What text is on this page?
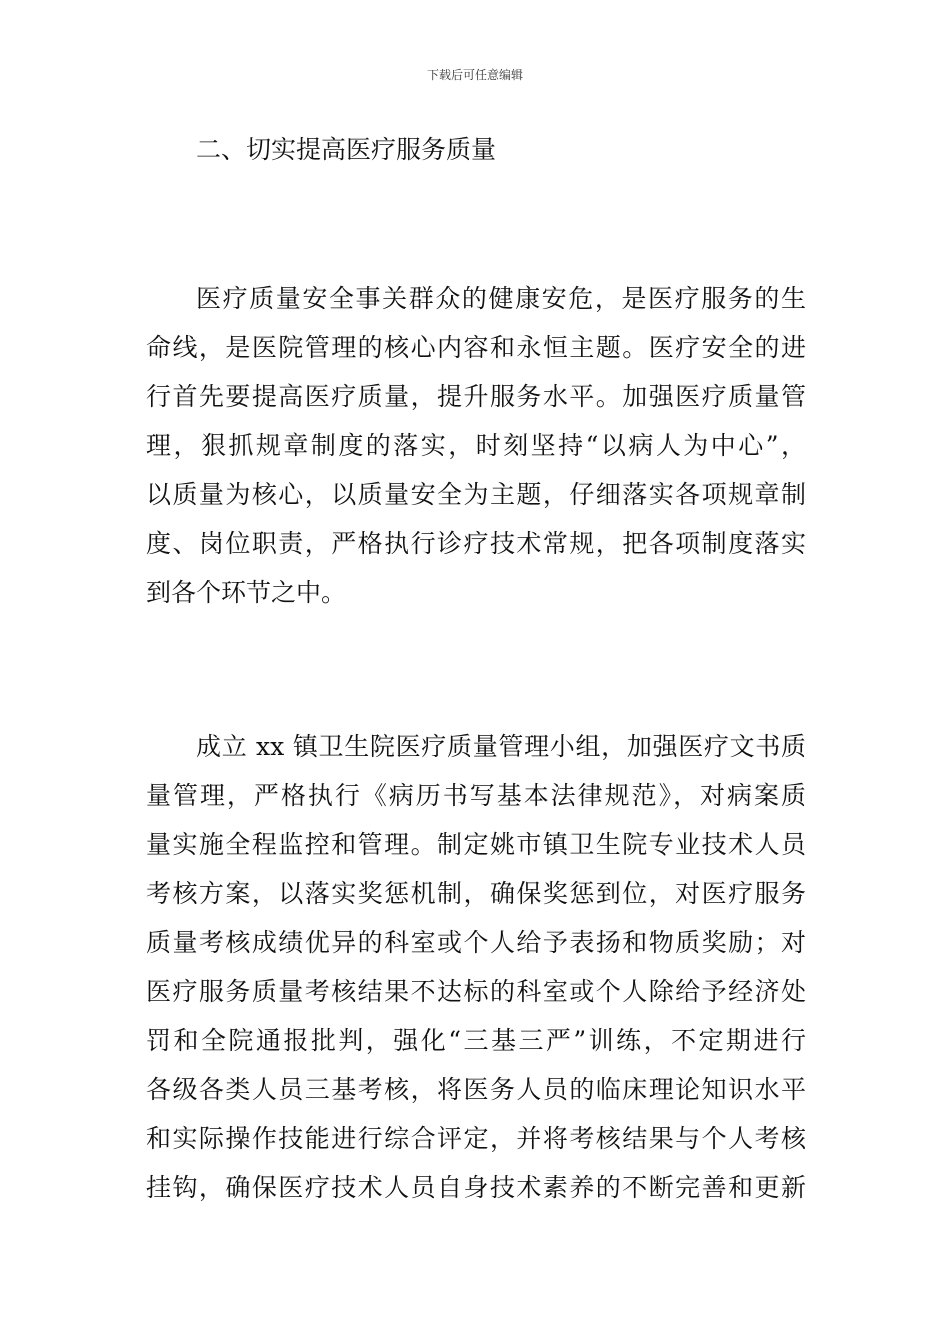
下载后可任意编辑
二、切实提高医疗服务质量
医疗质量安全事关群众的健康安危，是医疗服务的生
命线，是医院管理的核心内容和永恒主题。医疗安全的进
行首先要提高医疗质量，提升服务水平。加强医疗质量管
理，狠抓规章制度的落实，时刻坚持“以病人为中心”，
以质量为核心，以质量安全为主题，仔细落实各项规章制
度、岗位职责，严格执行诊疗技术常规，把各项制度落实
到各个环节之中。
成立 xx 镇卫生院医疗质量管理小组，加强医疗文书质
量管理，严格执行《病历书写基本法律规范》，对病案质
量实施全程监控和管理。制定姚市镇卫生院专业技术人员
考核方案，以落实奖惩机制，确保奖惩到位，对医疗服务
质量考核成绩优异的科室或个人给予表扬和物质奖励；对
医疗服务质量考核结果不达标的科室或个人除给予经济处
罚和全院通报批判，强化“三基三严”训练，不定期进行
各级各类人员三基考核，将医务人员的临床理论知识水平
和实际操作技能进行综合评定，并将考核结果与个人考核
挂钩，确保医疗技术人员自身技术素养的不断完善和更新
